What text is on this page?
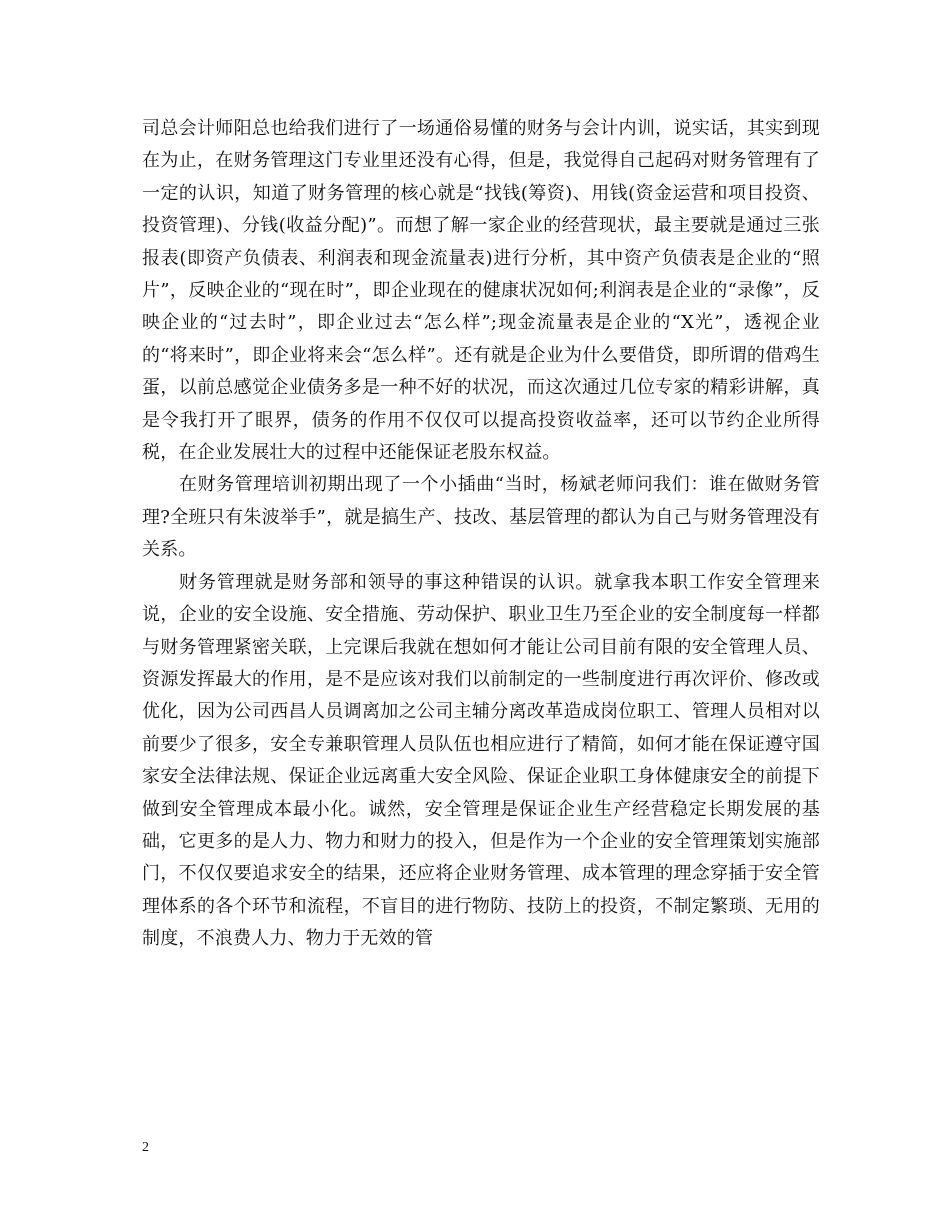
司总会计师阳总也给我们进行了一场通俗易懂的财务与会计内训，说实话，其实到现在为止，在财务管理这门专业里还没有心得，但是，我觉得自己起码对财务管理有了一定的认识，知道了财务管理的核心就是“找钱(筹资)、用钱(资金运营和项目投资、投资管理)、分钱(收益分配)”。而想了解一家企业的经营现状，最主要就是通过三张报表(即资产负债表、利润表和现金流量表)进行分析，其中资产负债表是企业的“照片”，反映企业的“现在时”，即企业现在的健康状况如何;利润表是企业的“录像”，反映企业的“过去时”，即企业过去“怎么样”;现金流量表是企业的“X光”，透视企业的“将来时”，即企业将来会“怎么样”。还有就是企业为什么要借贷，即所谓的借鸡生蛋，以前总感觉企业债务多是一种不好的状况，而这次通过几位专家的精彩讲解，真是令我打开了眼界，债务的作用不仅仅可以提高投资收益率，还可以节约企业所得税，在企业发展壮大的过程中还能保证老股东权益。

在财务管理培训初期出现了一个小插曲“当时，杨斌老师问我们：谁在做财务管理?全班只有朱波举手”，就是搞生产、技改、基层管理的都认为自己与财务管理没有关系。

财务管理就是财务部和领导的事这种错误的认识。就拿我本职工作安全管理来说，企业的安全设施、安全措施、劳动保护、职业卫生乃至企业的安全制度每一样都与财务管理紧密关联，上完课后我就在想如何才能让公司目前有限的安全管理人员、资源发挥最大的作用，是不是应该对我们以前制定的一些制度进行再次评价、修改或优化，因为公司西昌人员调离加之公司主辅分离改革造成岗位职工、管理人员相对以前要少了很多，安全专兼职管理人员队伍也相应进行了精简，如何才能在保证遵守国家安全法律法规、保证企业远离重大安全风险、保证企业职工身体健康安全的前提下做到安全管理成本最小化。诚然，安全管理是保证企业生产经营稳定长期发展的基础，它更多的是人力、物力和财力的投入，但是作为一个企业的安全管理策划实施部门，不仅仅要追求安全的结果，还应将企业财务管理、成本管理的理念穿插于安全管理体系的各个环节和流程，不盲目的进行物防、技防上的投资，不制定繁琐、无用的制度，不浪费人力、物力于无效的管

2
